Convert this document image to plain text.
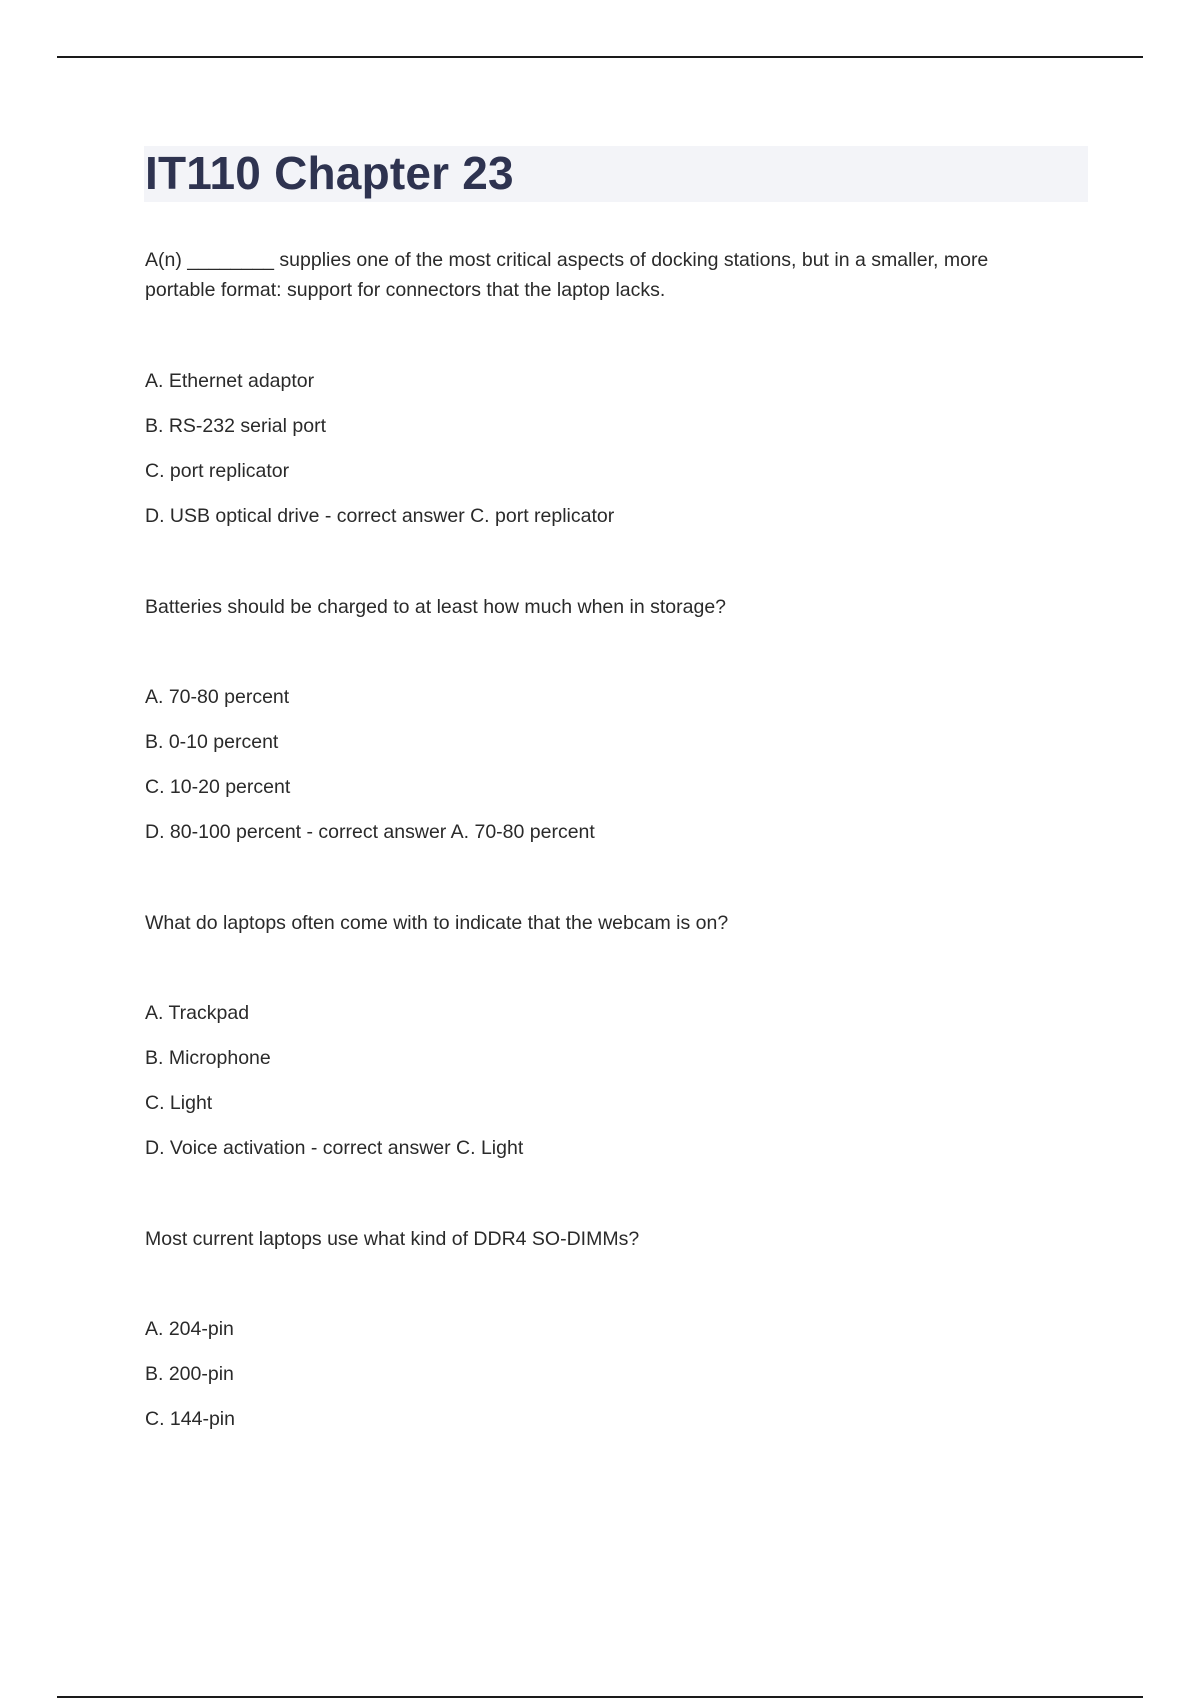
IT110 Chapter 23

A(n) ________ supplies one of the most critical aspects of docking stations, but in a smaller, more portable format: support for connectors that the laptop lacks.

A. Ethernet adaptor
B. RS-232 serial port
C. port replicator
D. USB optical drive - correct answer C. port replicator

Batteries should be charged to at least how much when in storage?

A. 70-80 percent
B. 0-10 percent
C. 10-20 percent
D. 80-100 percent - correct answer A. 70-80 percent

What do laptops often come with to indicate that the webcam is on?

A. Trackpad
B. Microphone
C. Light
D. Voice activation - correct answer C. Light

Most current laptops use what kind of DDR4 SO-DIMMs?

A. 204-pin
B. 200-pin
C. 144-pin
